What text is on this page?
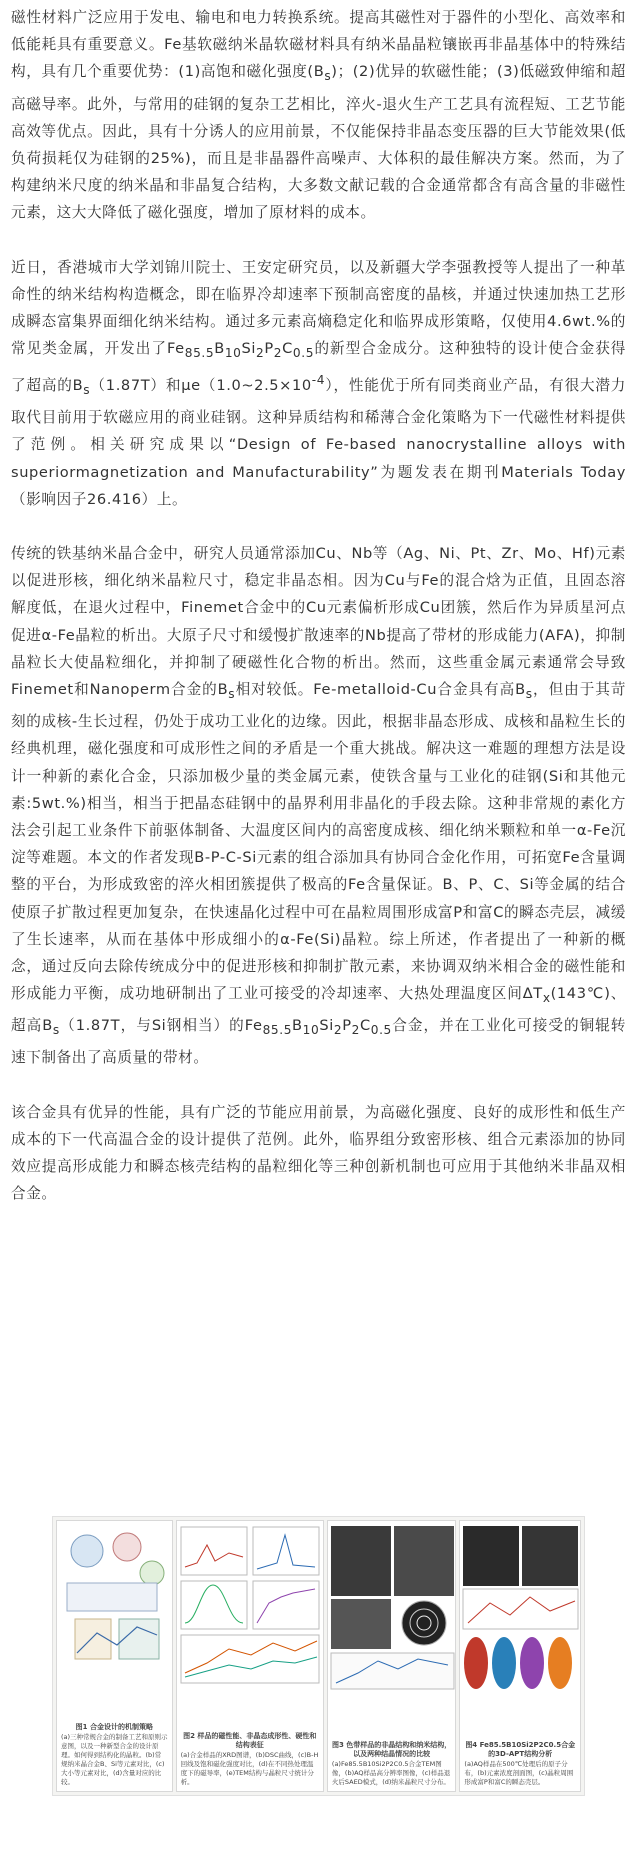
磁性材料广泛应用于发电、输电和电力转换系统。提高其磁性对于器件的小型化、高效率和低能耗具有重要意义。Fe基软磁纳米晶软磁材料具有纳米晶晶粒镶嵌再非晶基体中的特殊结构，具有几个重要优势：(1)高饱和磁化强度$(B_s)$；(2)优异的软磁性能；(3)低磁致伸缩和超高磁导率。此外，与常用的硅钢的复杂工艺相比，淬火-退火生产工艺具有流程短、工艺节能高效等优点。因此，具有十分诱人的应用前景，不仅能保持非晶态变压器的巨大节能效果(低负荷损耗仅为硅钢的25%)，而且是非晶器件高噪声、大体积的最佳解决方案。然而，为了构建纳米尺度的纳米晶和非晶复合结构，大多数文献记载的合金通常都含有高含量的非磁性元素，这大大降低了磁化强度，增加了原材料的成本。

近日，香港城市大学刘锦川院士、王安定研究员，以及新疆大学李强教授等人提出了一种革命性的纳米结构构造概念，即在临界冷却速率下预制高密度的晶核，并通过快速加热工艺形成瞬态富集界面细化纳米结构。通过多元素高熵稳定化和临界成形策略，仅使用4.6wt.%的常见类金属，开发出了$Fe_{85.5}B_{10}Si_2P_2C_{0.5}$的新型合金成分。这种独特的设计使合金获得了超高的$B_s(1.87T)$和$\mu e(1.0\sim 2.5\times 10^{-4})$，性能优于所有同类商业产品，有很大潜力取代目前用于软磁应用的商业硅钢。这种异质结构和稀薄合金化策略为下一代磁性材料提供了范例。相关研究成果以“Design of Fe-based nanocrystalline alloys with superiormagnetization and Manufacturability”为题发表在期刊Materials Today（影响因子26.416）上。

传统的铁基纳米晶合金中，研究人员通常添加Cu、Nb等（Ag、Ni、Pt、Zr、Mo、Hf)元素以促进形核，细化纳米晶粒尺寸，稳定非晶态相。因为Cu与Fe的混合焓为正值，且固态溶解度低，在退火过程中，Finemet合金中的Cu元素偏析形成Cu团簇，然后作为异质星河点促进α-Fe晶粒的析出。大原子尺寸和缓慢扩散速率的Nb提高了带材的形成能力(AFA)，抑制晶粒长大使晶粒细化，并抑制了硬磁性化合物的析出。然而，这些重金属元素通常会导致Finemet和Nanoperm合金的$B_s$相对较低。Fe-metalloid-Cu合金具有高$B_s$，但由于其苛刻的成核-生长过程，仍处于成功工业化的边缘。因此，根据非晶态形成、成核和晶粒生长的经典机理，磁化强度和可成形性之间的矛盾是一个重大挑战。解决这一难题的理想方法是设计一种新的素化合金，只添加极少量的类金属元素，使铁含量与工业化的硅钢(Si和其他元素:5wt.%)相当，相当于把晶态硅钢中的晶界利用非晶化的手段去除。这种非常规的素化方法会引起工业条件下前驱体制备、大温度区间内的高密度成核、细化纳米颗粒和单一α-Fe沉淀等难题。本文的作者发现B-P-C-Si元素的组合添加具有协同合金化作用，可拓宽Fe含量调整的平台，为形成致密的淬火相团簇提供了极高的Fe含量保证。B、P、C、Si等金属的结合使原子扩散过程更加复杂，在快速晶化过程中可在晶粒周围形成富P和富C的瞬态壳层，减缓了生长速率，从而在基体中形成细小的α-Fe(Si)晶粒。综上所述，作者提出了一种新的概念，通过反向去除传统成分中的促进形核和抑制扩散元素，来协调双纳米相合金的磁性能和形成能力平衡，成功地研制出了工业可接受的冷却速率、大热处理温度区间$\Delta T_x(143℃)$、超高$B_s(1.87T$，与Si钢相当）的$Fe_{85.5}B_{10}Si_2P_2C_{0.5}$合金，并在工业化可接受的铜辊转速下制备出了高质量的带材。

该合金具有优异的性能，具有广泛的节能应用前景，为高磁化强度、良好的成形性和低生产成本的下一代高温合金的设计提供了范例。此外，临界组分致密形核、组合元素添加的协同效应提高形成能力和瞬态核壳结构的晶粒细化等三种创新机制也可应用于其他纳米非晶双相合金。

图1 合金设计的机制策略
(a)三种常规合金的制备工艺和原则示意图，以及一种新型合金的设计原理。如何得到结构化的晶粒。(b)常规纳米晶合金B、Si等元素对比，(c)大小等元素对比，(d)含量对应的比较。
图2 样品的磁性能、非晶态成形性、硬性和结构表征
(a)合金样品的XRD图谱，(b)DSC曲线，(c)B-H回线及饱和磁化强度对比，(d)在不同热处理温度下的磁导率，(e)TEM结构与晶粒尺寸统计分析。
图3 色带样品的非晶结构和纳米结构，以及两种结晶情况的比较
(a)Fe85.5B10Si2P2C0.5合金TEM图像，(b)AQ样品高分辨率图像，(c)样品退火后SAED模式，(d)纳米晶粒尺寸分布。
图4 Fe85.5B10Si2P2C0.5合金的3D-APT结构分析
(a)AQ样品在500℃处理后的原子分布，(b)元素浓度剖面图，(c)晶粒周围形成富P和富C的瞬态壳层。
